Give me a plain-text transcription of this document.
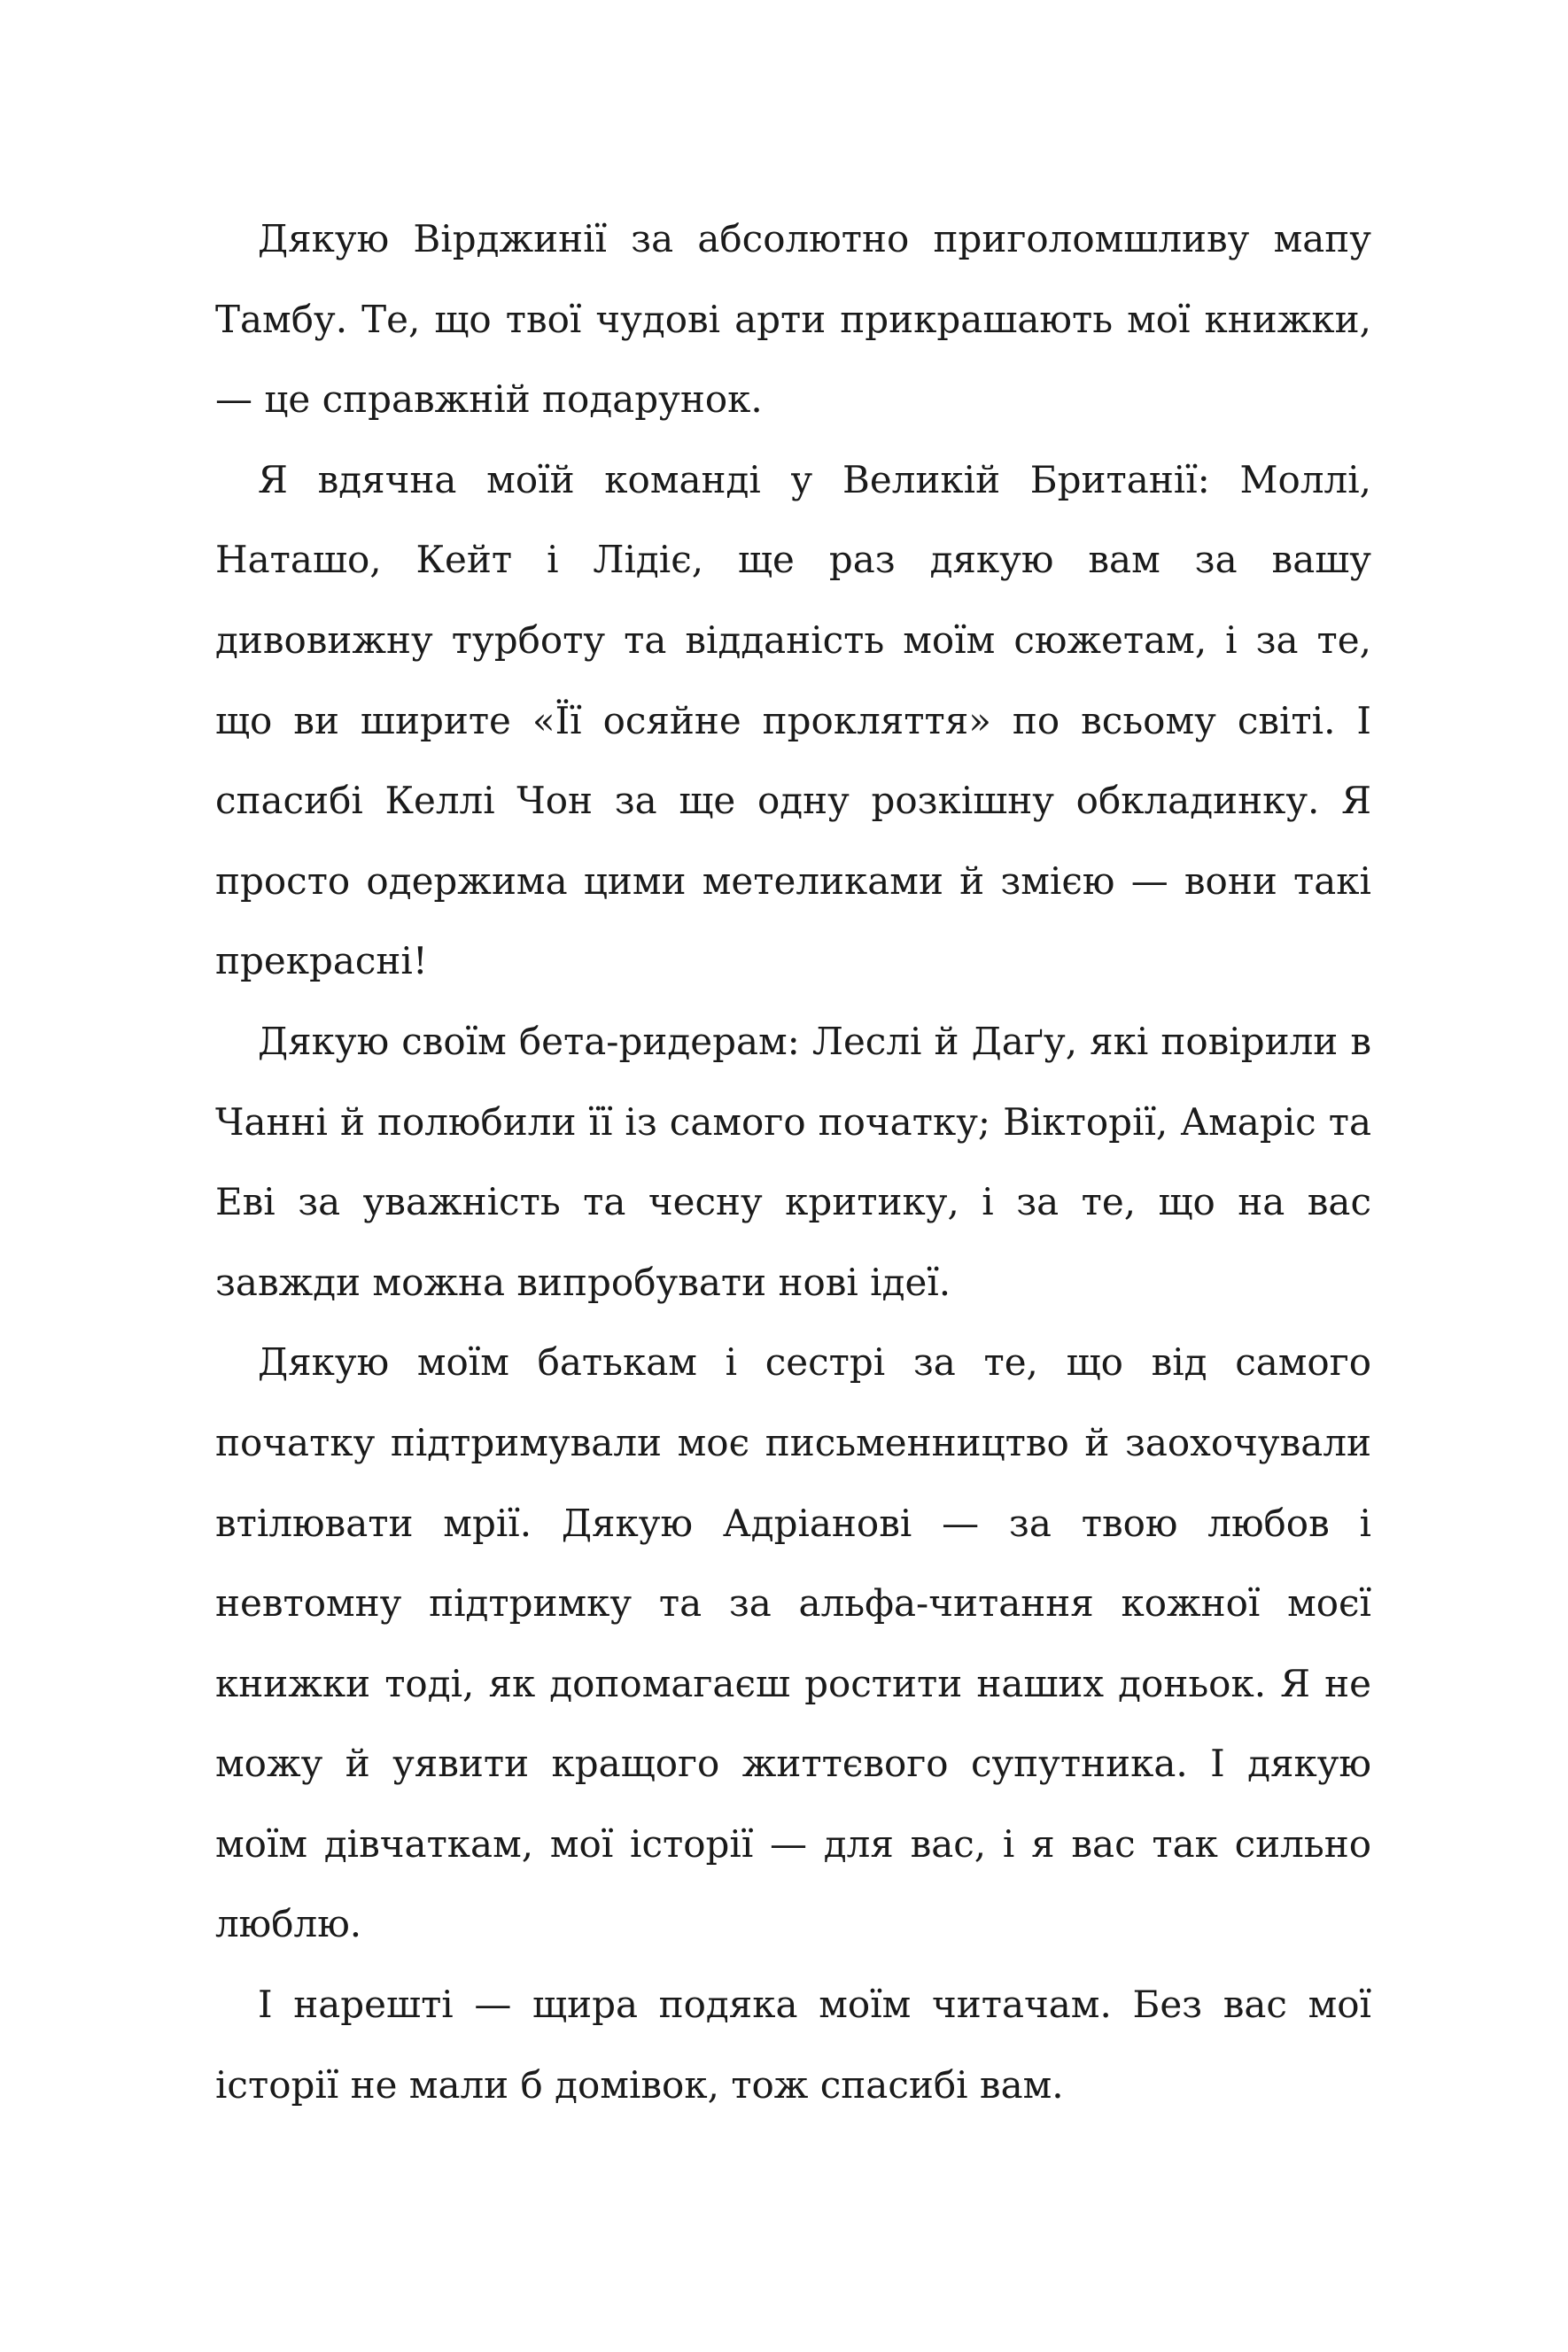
Дякую Вірджинії за абсолютно приголомшливу мапу Тамбу. Те, що твої чудові арти прикрашають мої книжки, — це справжній подарунок.

Я вдячна моїй команді у Великій Британії: Моллі, Наташо, Кейт і Лідіє, ще раз дякую вам за вашу дивовижну турботу та відданість моїм сюжетам, і за те, що ви ширите «Її осяйне прокляття» по всьому світі. І спасибі Келлі Чон за ще одну розкішну обкладинку. Я просто одержима цими метеликами й змією — вони такі прекрасні!

Дякую своїм бета-ридерам: Леслі й Даґу, які повірили в Чанні й полюбили її із самого початку; Вікторії, Амаріс та Еві за уважність та чесну критику, і за те, що на вас завжди можна випробувати нові ідеї.

Дякую моїм батькам і сестрі за те, що від самого початку підтримували моє письменництво й заохочували втілювати мрії. Дякую Адріанові — за твою любов і невтомну підтримку та за альфа-читання кожної моєї книжки тоді, як допомагаєш ростити наших доньок. Я не можу й уявити кращого життєвого супутника. І дякую моїм дівчаткам, мої історії — для вас, і я вас так сильно люблю.

І нарешті — щира подяка моїм читачам. Без вас мої історії не мали б домівок, тож спасибі вам.
